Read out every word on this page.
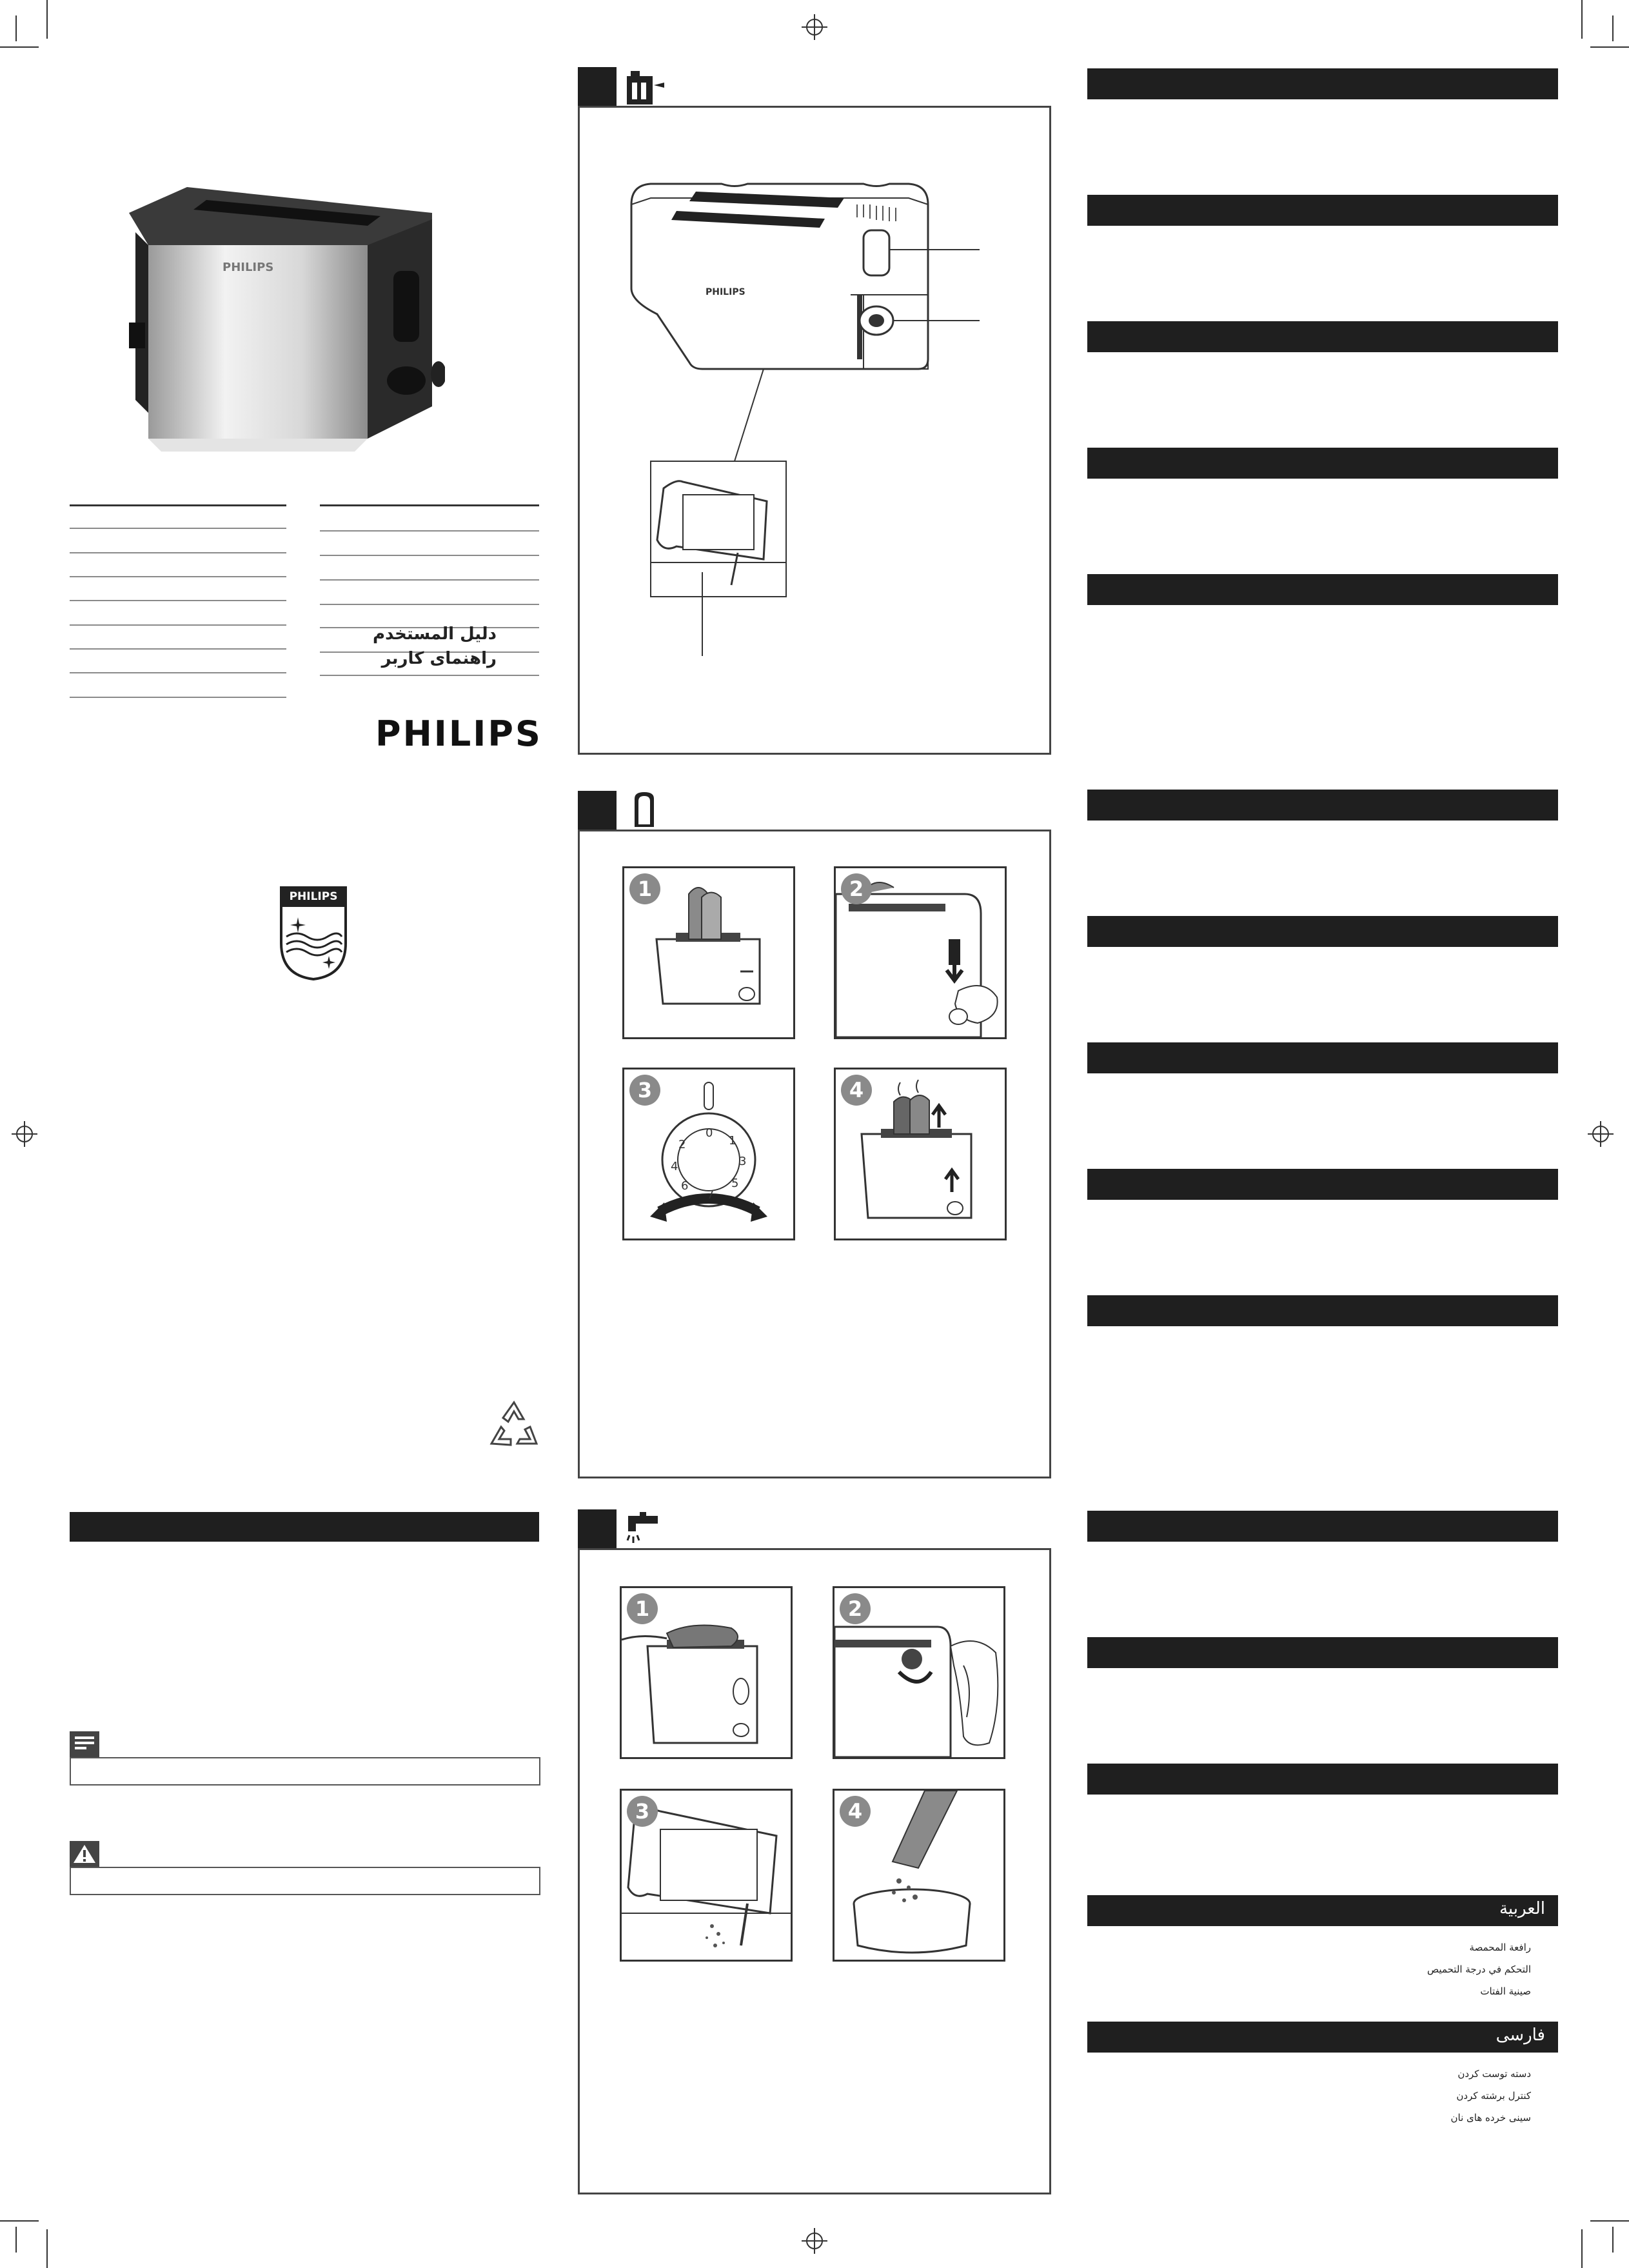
PHILIPS
دليل المستخدم
راهنمای کاربر
PHILIPS
PHILIPS
PHILIPS
1	2
0
1
2
3
4
5
6
7
3	4
1	2
3	4
العربية
رافعة المحمصة
التحكم في درجة التحميص
صينية الفتات
فارسی
دسته توست کردن
کنترل برشته کردن
سینی خرده های نان
